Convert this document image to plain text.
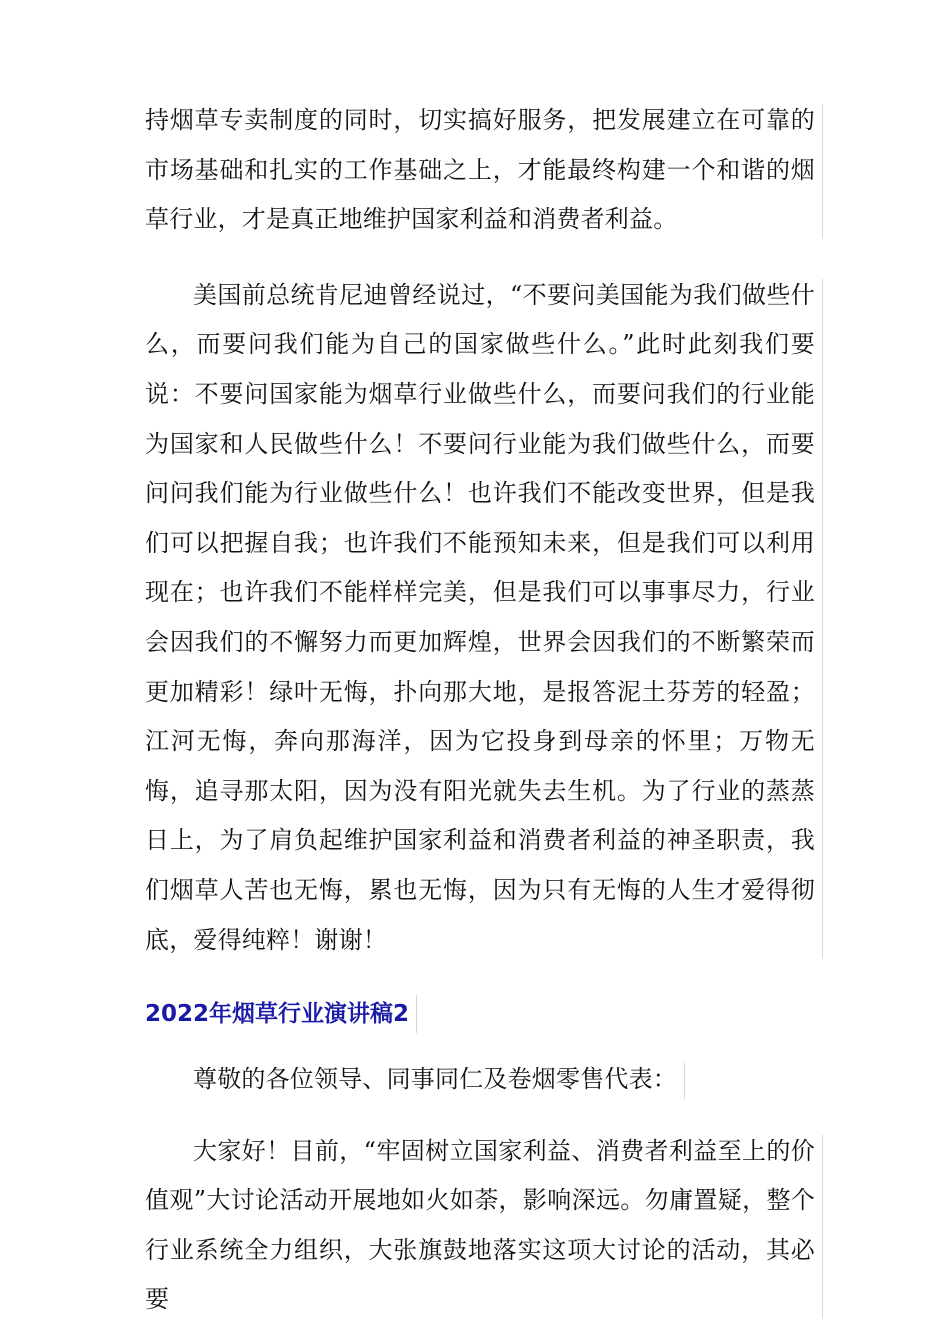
持烟草专卖制度的同时，切实搞好服务，把发展建立在可靠的市场基础和扎实的工作基础之上，才能最终构建一个和谐的烟草行业，才是真正地维护国家利益和消费者利益。

美国前总统肯尼迪曾经说过，“不要问美国能为我们做些什么，而要问我们能为自己的国家做些什么。”此时此刻我们要说：不要问国家能为烟草行业做些什么，而要问我们的行业能为国家和人民做些什么！不要问行业能为我们做些什么，而要问问我们能为行业做些什么！也许我们不能改变世界，但是我们可以把握自我；也许我们不能预知未来，但是我们可以利用现在；也许我们不能样样完美，但是我们可以事事尽力，行业会因我们的不懈努力而更加辉煌，世界会因我们的不断繁荣而更加精彩！绿叶无悔，扑向那大地，是报答泥土芬芳的轻盈；江河无悔，奔向那海洋，因为它投身到母亲的怀里；万物无悔，追寻那太阳，因为没有阳光就失去生机。为了行业的蒸蒸日上，为了肩负起维护国家利益和消费者利益的神圣职责，我们烟草人苦也无悔，累也无悔，因为只有无悔的人生才爱得彻底，爱得纯粹！谢谢！

2022年烟草行业演讲稿2

尊敬的各位领导、同事同仁及卷烟零售代表：

大家好！目前，“牢固树立国家利益、消费者利益至上的价值观”大讨论活动开展地如火如荼，影响深远。勿庸置疑，整个行业系统全力组织，大张旗鼓地落实这项大讨论的活动，其必要
